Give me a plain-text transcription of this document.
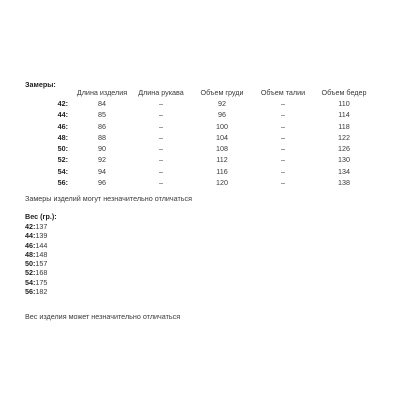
Замеры:
	Длина изделия	Длина рукава	Объем груди	Объем талии	Объем бедер
42:	84	–	92	–	110
44:	85	–	96	–	114
46:	86	–	100	–	118
48:	88	–	104	–	122
50:	90	–	108	–	126
52:	92	–	112	–	130
54:	94	–	116	–	134
56:	96	–	120	–	138
Замеры изделий могут незначительно отличаться
Вес (гр.):
42:137
44:139
46:144
48:148
50:157
52:168
54:175
56:182
Вес изделия может незначительно отличаться
